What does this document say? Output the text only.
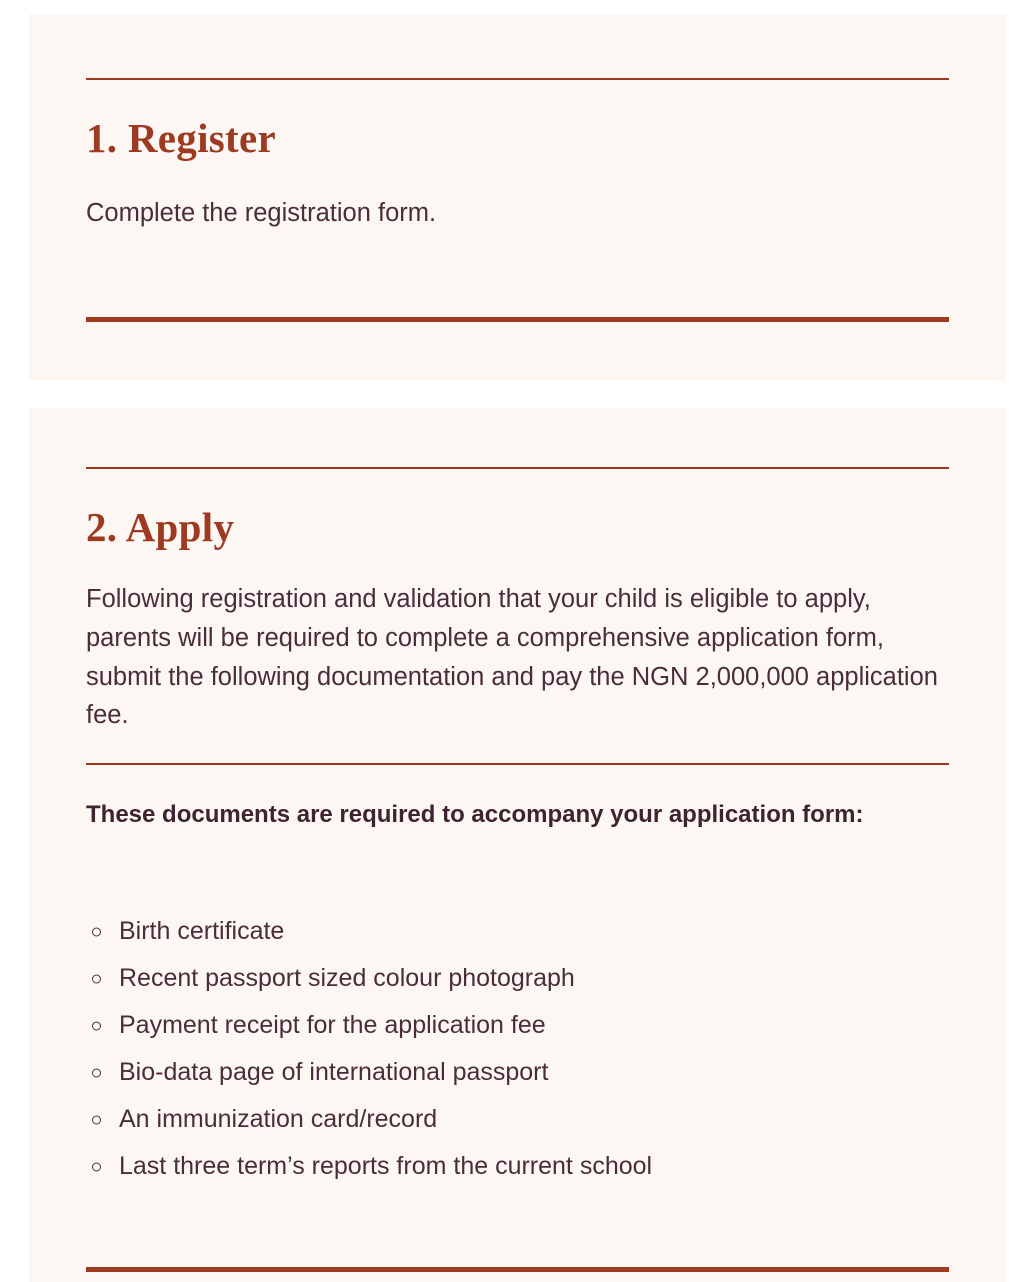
1. Register

Complete the registration form.

2. Apply

Following registration and validation that your child is eligible to apply, parents will be required to complete a comprehensive application form, submit the following documentation and pay the NGN 2,000,000 application fee.

These documents are required to accompany your application form:

Birth certificate
Recent passport sized colour photograph
Payment receipt for the application fee
Bio-data page of international passport
An immunization card/record
Last three term’s reports from the current school
